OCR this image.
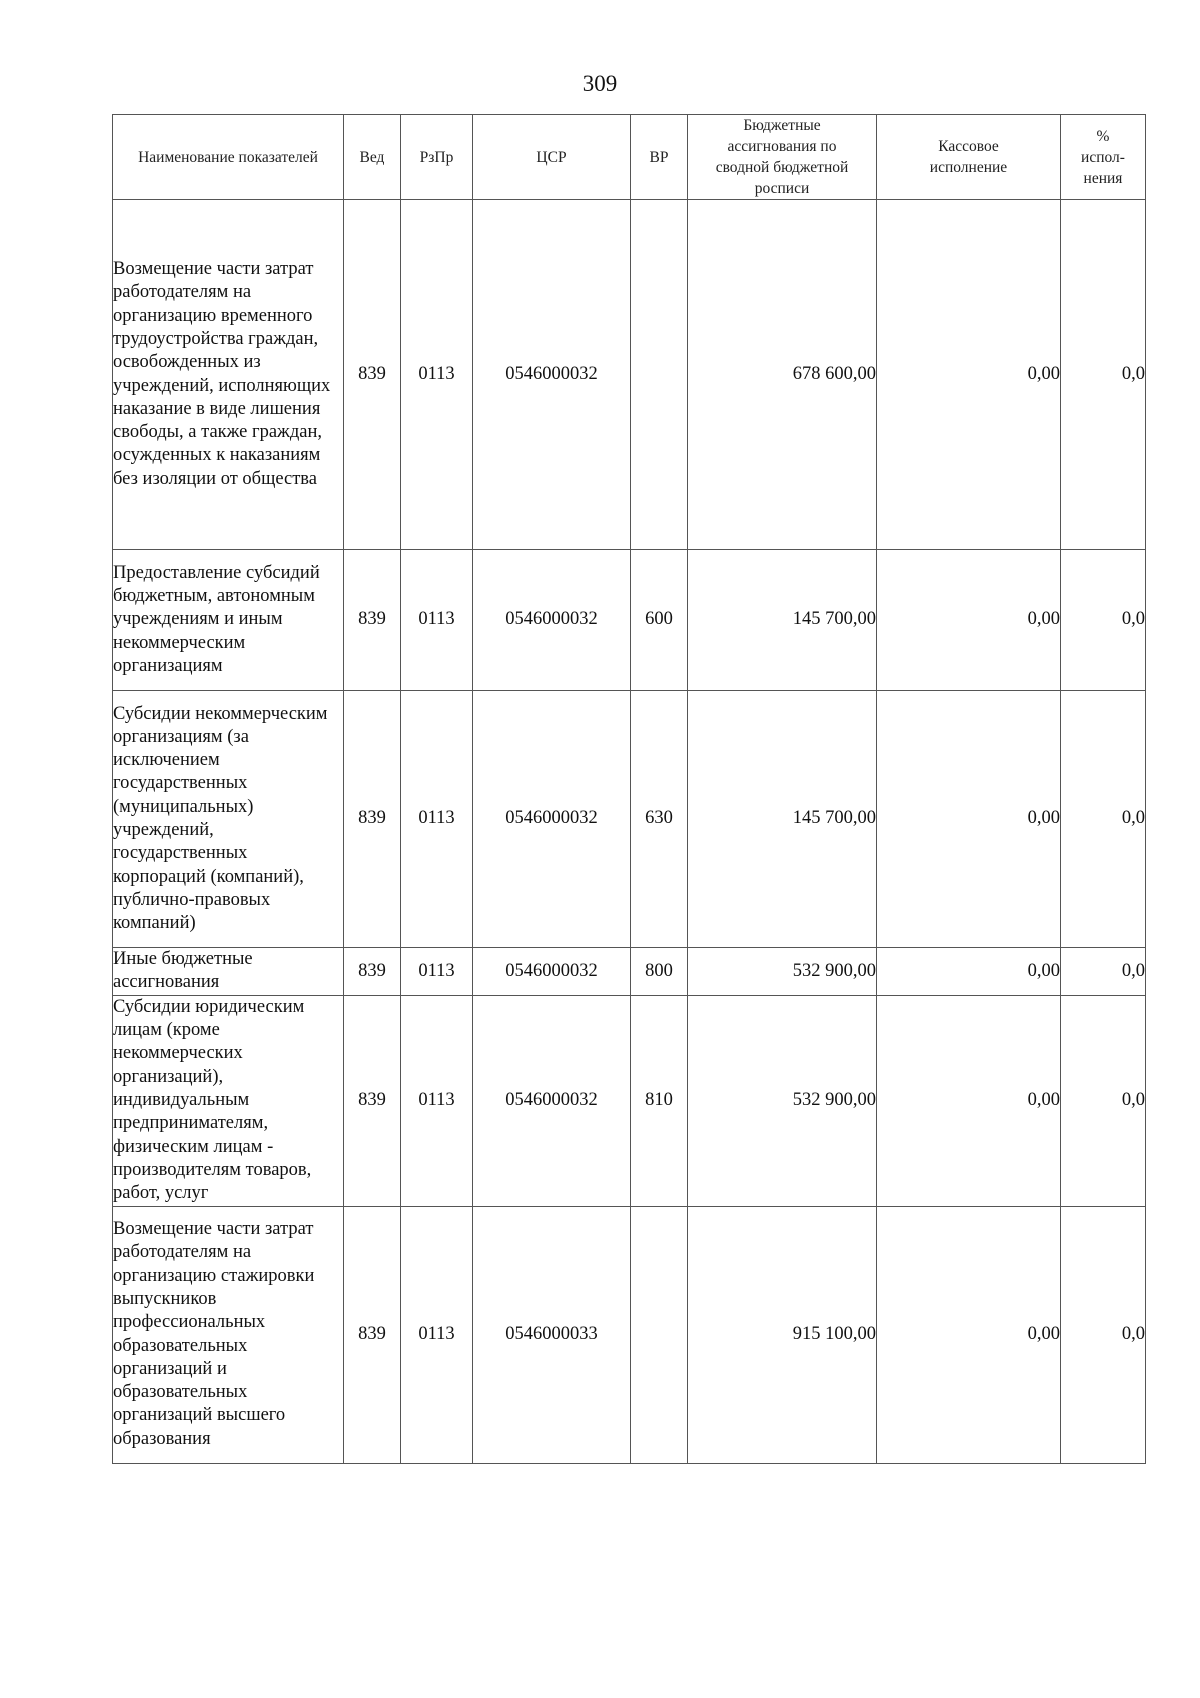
309
Наименование показателей	Вед	РзПр	ЦСР	ВР	Бюджетные ассигнования по сводной бюджетной росписи	Кассовое исполнение	% испол-нения
Возмещение части затрат работодателям на организацию временного трудоустройства граждан, освобожденных из учреждений, исполняющих наказание в виде лишения свободы, а также граждан, осужденных к наказаниям без изоляции от общества	839	0113	0546000032		678 600,00	0,00	0,0
Предоставление субсидий бюджетным, автономным учреждениям и иным некоммерческим организациям	839	0113	0546000032	600	145 700,00	0,00	0,0
Субсидии некоммерческим организациям (за исключением государственных (муниципальных) учреждений, государственных корпораций (компаний), публично-правовых компаний)	839	0113	0546000032	630	145 700,00	0,00	0,0
Иные бюджетные ассигнования	839	0113	0546000032	800	532 900,00	0,00	0,0
Субсидии юридическим лицам (кроме некоммерческих организаций), индивидуальным предпринимателям, физическим лицам - производителям товаров, работ, услуг	839	0113	0546000032	810	532 900,00	0,00	0,0
Возмещение части затрат работодателям на организацию стажировки выпускников профессиональных образовательных организаций и образовательных организаций высшего образования	839	0113	0546000033		915 100,00	0,00	0,0
